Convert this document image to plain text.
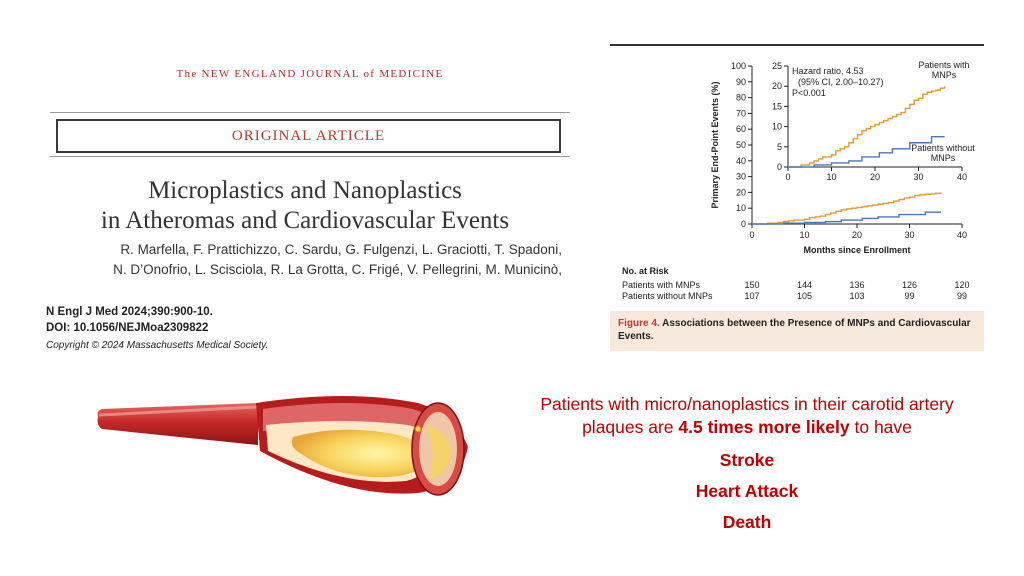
The NEW ENGLAND JOURNAL of MEDICINE
ORIGINAL ARTICLE
Microplastics and Nanoplastics
in Atheromas and Cardiovascular Events
R. Marfella, F. Prattichizzo, C. Sardu, G. Fulgenzi, L. Graciotti, T. Spadoni,
N. D’Onofrio, L. Scisciola, R. La Grotta, C. Frigé, V. Pellegrini, M. Municinò,
N Engl J Med 2024;390:900-10.
DOI: 10.1056/NEJMoa2309822
Copyright © 2024 Massachusetts Medical Society.
0
10
20
30
40
50
60
70
80
90
100
0	10	20	30	40
Months since Enrollment
Primary End-Point Events (%)	0
5
10
15
20
25
0	10	20	30	40
Hazard ratio, 4.53
(95% CI, 2.00–10.27)
P<0.001
Patients with
MNPs
Patients without
MNPs
No. at Risk
Patients with MNPs	150	144	136	126	120
Patients without MNPs	107	105	103	99	99
Figure 4. Associations between the Presence of MNPs and Cardiovascular Events.
Patients with micro/nanoplastics in their carotid artery
plaques are 4.5 times more likely to have
Stroke
Heart Attack
Death
